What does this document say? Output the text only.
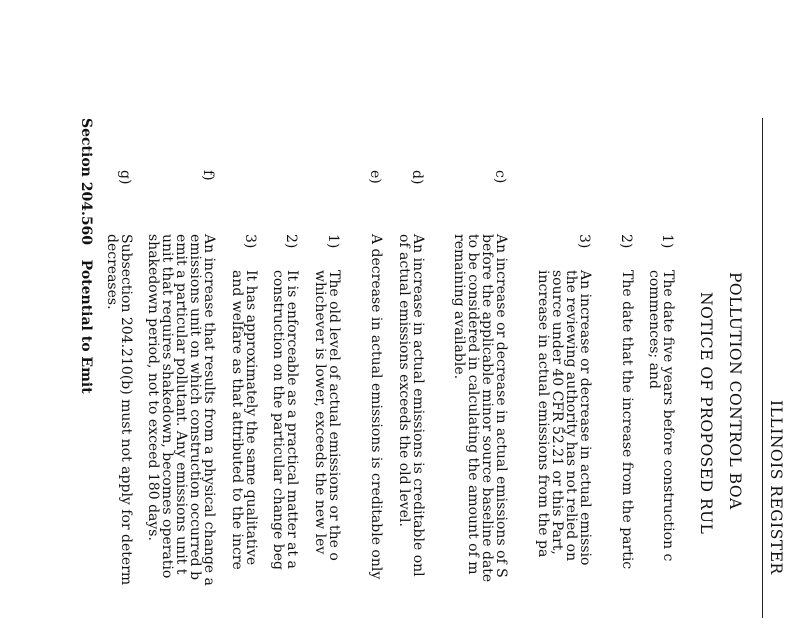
ILLINOIS REGISTER
POLLUTION CONTROL BOA
NOTICE OF PROPOSED RUL
1)
The date five years before construction c
commences; and
2)
The date that the increase from the partic
3)
An increase or decrease in actual emissio
the reviewing authority has not relied on
source under 40 CFR 52.21 or this Part,
increase in actual emissions from the pa
c)
An increase or decrease in actual emissions of S
before the applicable minor source baseline date
to be considered in calculating the amount of m
remaining available.
d)
An increase in actual emissions is creditable onl
of actual emissions exceeds the old level.
e)
A decrease in actual emissions is creditable only
1)
The old level of actual emissions or the o
whichever is lower, exceeds the new lev
2)
It is enforceable as a practical matter at a
construction on the particular change beg
3)
It has approximately the same qualitative
and welfare as that attributed to the incre
f)
An increase that results from a physical change a
emissions unit on which construction occurred b
emit a particular pollutant. Any emissions unit t
unit that requires shakedown, becomes operatio
shakedown period, not to exceed 180 days.
g)
Subsection 204.210(b) must not apply for determ
decreases.
Section 204.560   Potential to Emit
